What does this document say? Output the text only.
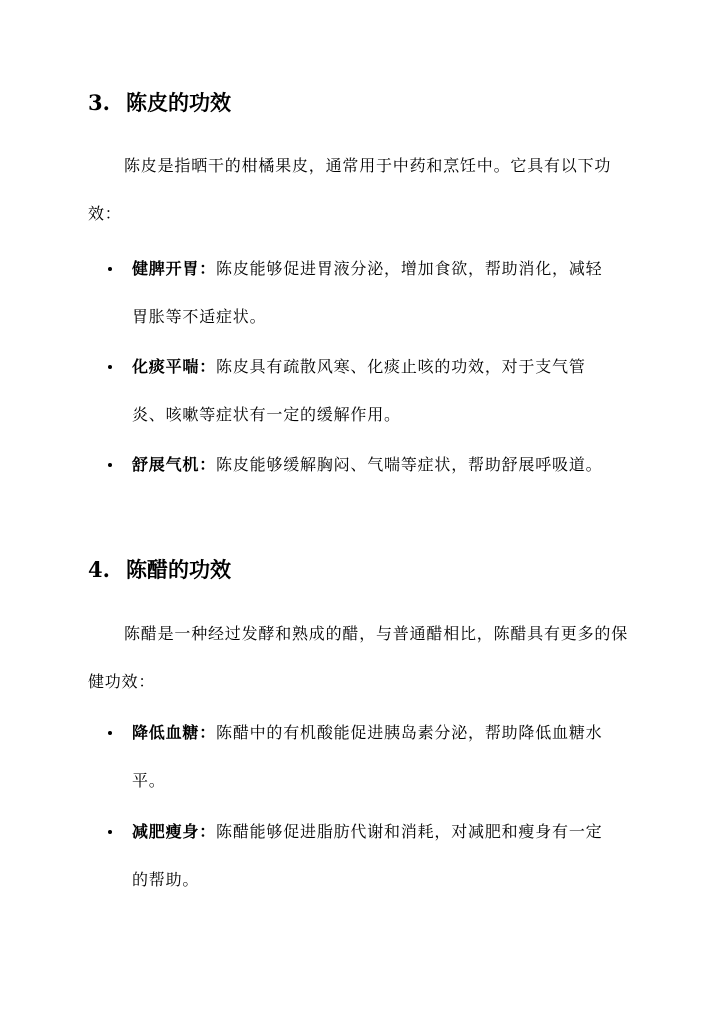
3. 陈皮的功效

陈皮是指晒干的柑橘果皮，通常用于中药和烹饪中。它具有以下功效：

健脾开胃：陈皮能够促进胃液分泌，增加食欲，帮助消化，减轻胃胀等不适症状。

化痰平喘：陈皮具有疏散风寒、化痰止咳的功效，对于支气管炎、咳嗽等症状有一定的缓解作用。

舒展气机：陈皮能够缓解胸闷、气喘等症状，帮助舒展呼吸道。

4. 陈醋的功效

陈醋是一种经过发酵和熟成的醋，与普通醋相比，陈醋具有更多的保健功效：

降低血糖：陈醋中的有机酸能促进胰岛素分泌，帮助降低血糖水平。

减肥瘦身：陈醋能够促进脂肪代谢和消耗，对减肥和瘦身有一定的帮助。
